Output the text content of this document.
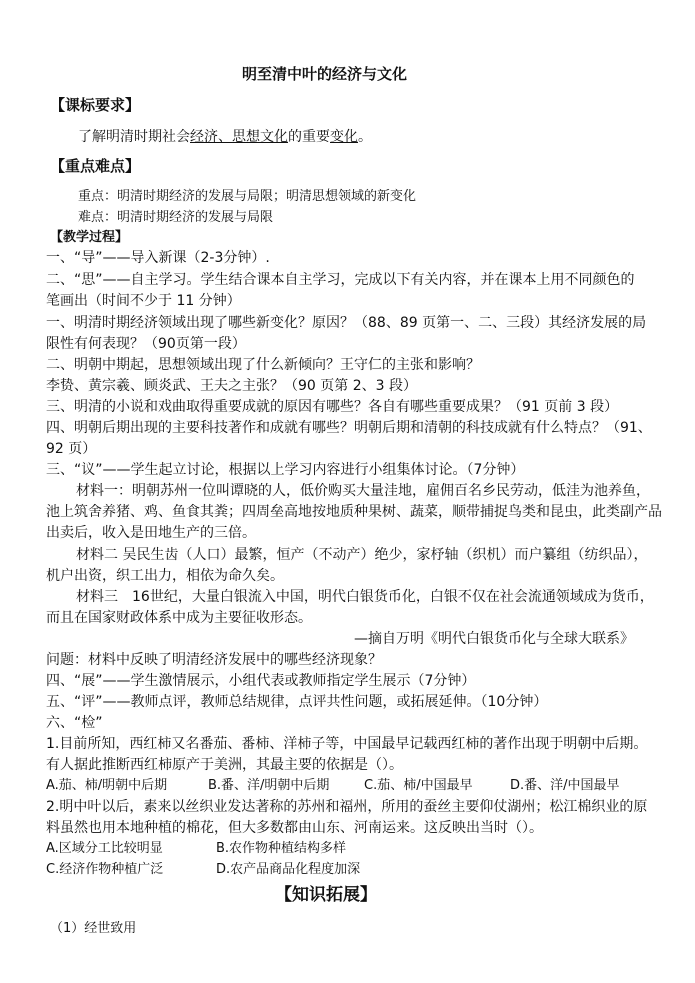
明至清中叶的经济与文化
【课标要求】
了解明清时期社会经济、思想文化的重要变化。
【重点难点】
重点：明清时期经济的发展与局限；明清思想领域的新变化
难点：明清时期经济的发展与局限
【教学过程】
一、“导”——导入新课（2-3分钟）.
二、“思”——自主学习。学生结合课本自主学习，完成以下有关内容，并在课本上用不同颜色的
笔画出（时间不少于 11 分钟）
一、明清时期经济领域出现了哪些新变化？原因？（88、89 页第一、二、三段）其经济发展的局
限性有何表现？（90页第一段）
二、明朝中期起，思想领域出现了什么新倾向？王守仁的主张和影响？
李贽、黄宗羲、顾炎武、王夫之主张？（90 页第 2、3 段）
三、明清的小说和戏曲取得重要成就的原因有哪些？各自有哪些重要成果？（91 页前 3 段）
四、明朝后期出现的主要科技著作和成就有哪些？明朝后期和清朝的科技成就有什么特点？（91、
92 页）
三、“议”——学生起立讨论，根据以上学习内容进行小组集体讨论。（7分钟）
材料一：明朝苏州一位叫谭晓的人，低价购买大量洼地，雇佣百名乡民劳动，低洼为池养鱼，
池上筑舍养猪、鸡、鱼食其粪；四周垒高地按地质种果树、蔬菜，顺带捕捉鸟类和昆虫，此类副产品
出卖后，收入是田地生产的三倍。
材料二 吴民生齿（人口）最繁，恒产（不动产）绝少，家杼轴（织机）而户纂组（纺织品），
机户出资，织工出力，相依为命久矣。
材料三　16世纪，大量白银流入中国，明代白银货币化，白银不仅在社会流通领域成为货币，
而且在国家财政体系中成为主要征收形态。
—摘自万明《明代白银货币化与全球大联系》
问题：材料中反映了明清经济发展中的哪些经济现象？
四、“展”——学生激情展示，小组代表或教师指定学生展示（7分钟）
五、“评”——教师点评，教师总结规律，点评共性问题，或拓展延伸。（10分钟）
六、“检”
1.目前所知，西红柿又名番茄、番柿、洋柿子等，中国最早记载西红柿的著作出现于明朝中后期。
有人据此推断西红柿原产于美洲，其最主要的依据是（）。
A.茄、柿/明朝中后期	B.番、洋/明朝中后期	C.茄、柿/中国最早	D.番、洋/中国最早
2.明中叶以后，素来以丝织业发达著称的苏州和福州，所用的蚕丝主要仰仗湖州；松江棉织业的原
料虽然也用本地种植的棉花，但大多数都由山东、河南运来。这反映出当时（）。
A.区域分工比较明显	B.农作物种植结构多样
C.经济作物种植广泛	D.农产品商品化程度加深
【知识拓展】
（1）经世致用
